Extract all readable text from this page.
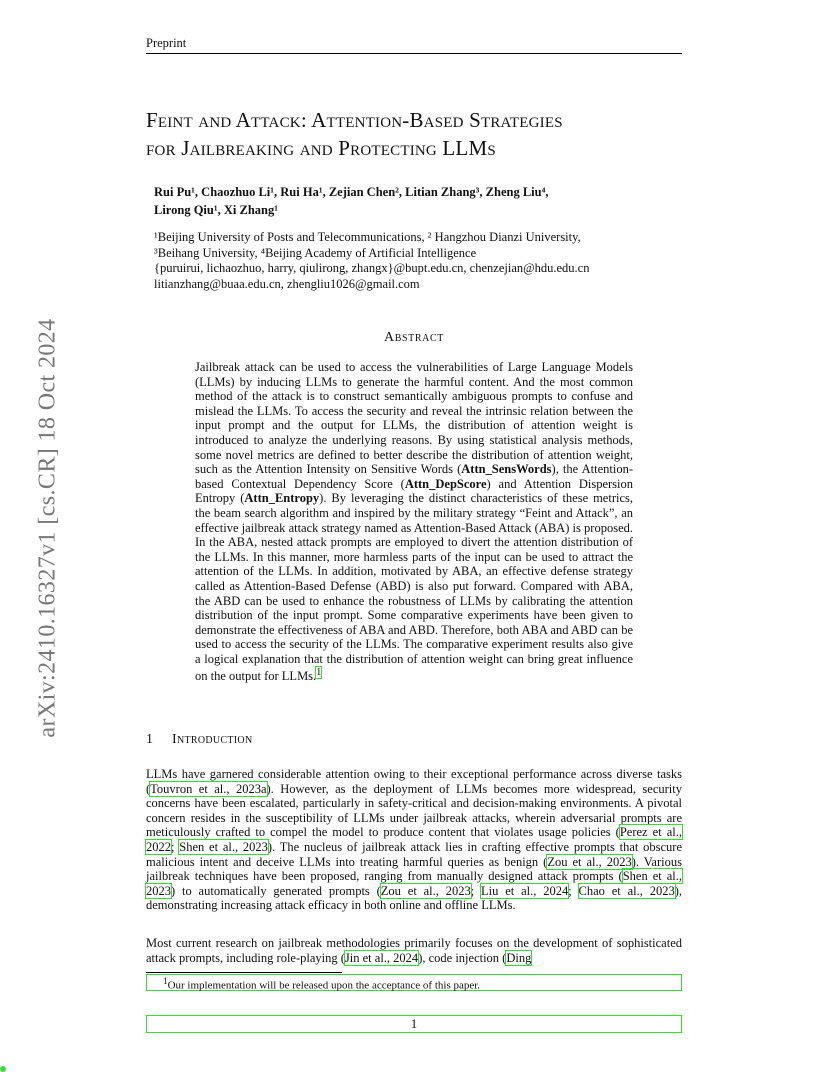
Preprint
arXiv:2410.16327v1 [cs.CR] 18 Oct 2024
Feint and Attack: Attention-Based Strategies
for Jailbreaking and Protecting LLMs
Rui Pu¹, Chaozhuo Li¹, Rui Ha¹, Zejian Chen², Litian Zhang³, Zheng Liu⁴,
Lirong Qiu¹, Xi Zhang¹
¹Beijing University of Posts and Telecommunications, ² Hangzhou Dianzi University,
³Beihang University, ⁴Beijing Academy of Artificial Intelligence
{puruirui, lichaozhuo, harry, qiulirong, zhangx}@bupt.edu.cn, chenzejian@hdu.edu.cn
litianzhang@buaa.edu.cn, zhengliu1026@gmail.com
Abstract
Jailbreak attack can be used to access the vulnerabilities of Large Language Models (LLMs) by inducing LLMs to generate the harmful content. And the most common method of the attack is to construct semantically ambiguous prompts to confuse and mislead the LLMs. To access the security and reveal the intrinsic relation between the input prompt and the output for LLMs, the distribution of attention weight is introduced to analyze the underlying reasons. By using statistical analysis methods, some novel metrics are defined to better describe the distribution of attention weight, such as the Attention Intensity on Sensitive Words (Attn_SensWords), the Attention-based Contextual Dependency Score (Attn_DepScore) and Attention Dispersion Entropy (Attn_Entropy). By leveraging the distinct characteristics of these metrics, the beam search algorithm and inspired by the military strategy “Feint and Attack”, an effective jailbreak attack strategy named as Attention-Based Attack (ABA) is proposed. In the ABA, nested attack prompts are employed to divert the attention distribution of the LLMs. In this manner, more harmless parts of the input can be used to attract the attention of the LLMs. In addition, motivated by ABA, an effective defense strategy called as Attention-Based Defense (ABD) is also put forward. Compared with ABA, the ABD can be used to enhance the robustness of LLMs by calibrating the attention distribution of the input prompt. Some comparative experiments have been given to demonstrate the effectiveness of ABA and ABD. Therefore, both ABA and ABD can be used to access the security of the LLMs. The comparative experiment results also give a logical explanation that the distribution of attention weight can bring great influence on the output for LLMs.$^1$
1 Introduction
LLMs have garnered considerable attention owing to their exceptional performance across diverse tasks (Touvron et al., 2023a). However, as the deployment of LLMs becomes more widespread, security concerns have been escalated, particularly in safety-critical and decision-making environments. A pivotal concern resides in the susceptibility of LLMs under jailbreak attacks, wherein adversarial prompts are meticulously crafted to compel the model to produce content that violates usage policies (Perez et al., 2022; Shen et al., 2023). The nucleus of jailbreak attack lies in crafting effective prompts that obscure malicious intent and deceive LLMs into treating harmful queries as benign (Zou et al., 2023). Various jailbreak techniques have been proposed, ranging from manually designed attack prompts (Shen et al., 2023) to automatically generated prompts (Zou et al., 2023; Liu et al., 2024; Chao et al., 2023), demonstrating increasing attack efficacy in both online and offline LLMs.
Most current research on jailbreak methodologies primarily focuses on the development of sophisticated attack prompts, including role-playing (Jin et al., 2024), code injection (Ding
$^1$Our implementation will be released upon the acceptance of this paper.
1
